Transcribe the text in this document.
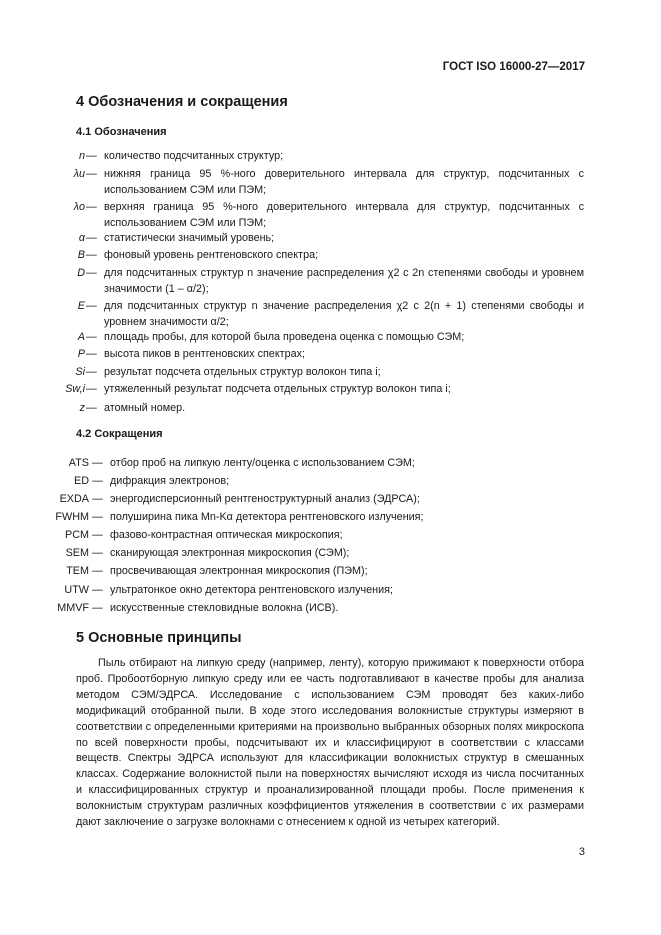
ГОСТ ISO 16000-27—2017
4 Обозначения и сокращения
4.1 Обозначения
n — количество подсчитанных структур;
λu — нижняя граница 95 %-ного доверительного интервала для структур, подсчитанных с использованием СЭМ или ПЭМ;
λo — верхняя граница 95 %-ного доверительного интервала для структур, подсчитанных с использованием СЭМ или ПЭМ;
α — статистически значимый уровень;
B — фоновый уровень рентгеновского спектра;
D — для подсчитанных структур n значение распределения χ2 с 2n степенями свободы и уровнем значимости (1 – α/2);
E — для подсчитанных структур n значение распределения χ2 с 2(n + 1) степенями свободы и уровнем значимости α/2;
A — площадь пробы, для которой была проведена оценка с помощью СЭМ;
P — высота пиков в рентгеновских спектрах;
Si — результат подсчета отдельных структур волокон типа i;
Sw,i — утяжеленный результат подсчета отдельных структур волокон типа i;
z — атомный номер.
4.2 Сокращения
ATS — отбор проб на липкую ленту/оценка с использованием СЭМ;
ED — дифракция электронов;
EXDA — энергодисперсионный рентгеноструктурный анализ (ЭДРСА);
FWHM — полуширина пика Mn-Kα детектора рентгеновского излучения;
PCM — фазово-контрастная оптическая микроскопия;
SEM — сканирующая электронная микроскопия (СЭМ);
TEM — просвечивающая электронная микроскопия (ПЭМ);
UTW — ультратонкое окно детектора рентгеновского излучения;
MMVF — искусственные стекловидные волокна (ИСВ).
5 Основные принципы
Пыль отбирают на липкую среду (например, ленту), которую прижимают к поверхности отбора проб. Пробоотборную липкую среду или ее часть подготавливают в качестве пробы для анализа методом СЭМ/ЭДРСА. Исследование с использованием СЭМ проводят без каких-либо модификаций отобранной пыли. В ходе этого исследования волокнистые структуры измеряют в соответствии с определенными критериями на произвольно выбранных обзорных полях микроскопа по всей поверхности пробы, подсчитывают их и классифицируют в соответствии с классами веществ. Спектры ЭДРСА используют для классификации волокнистых структур в смешанных классах. Содержание волокнистой пыли на поверхностях вычисляют исходя из числа посчитанных и классифицированных структур и проанализированной площади пробы. После применения к волокнистым структурам различных коэффициентов утяжеления в соответствии с их размерами дают заключение о загрузке волокнами с отнесением к одной из четырех категорий.
3
